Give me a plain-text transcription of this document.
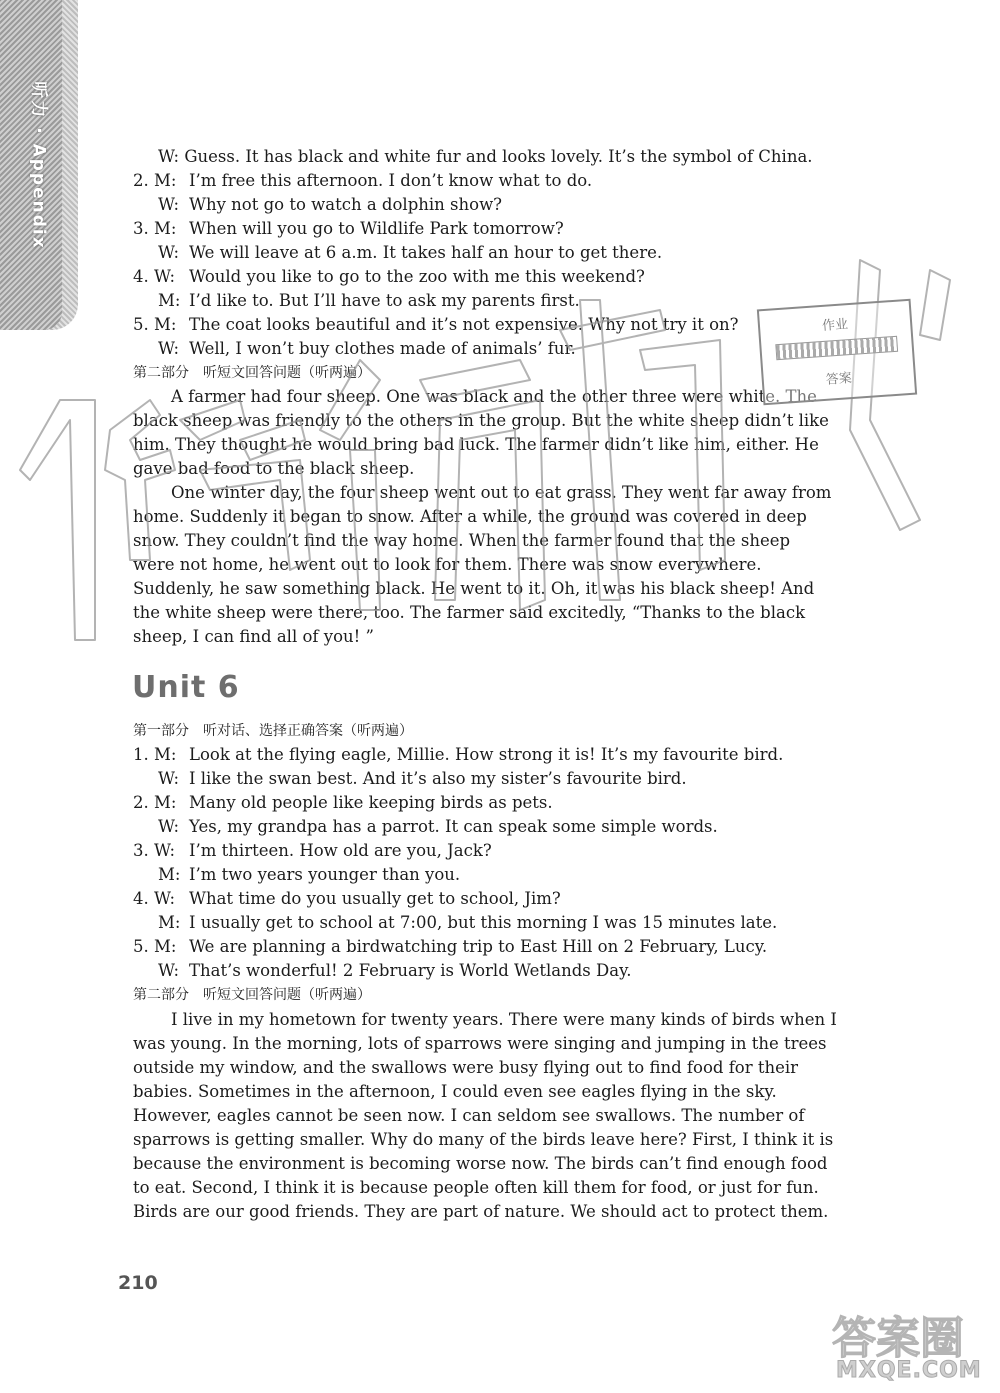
听力 · Appendix	W: Guess. It has black and white fur and looks lovely. It’s the symbol of China.
2. M: I’m free this afternoon. I don’t know what to do.
W: Why not go to watch a dolphin show?
3. M: When will you go to Wildlife Park tomorrow?
W: We will leave at 6 a.m. It takes half an hour to get there.
4. W: Would you like to go to the zoo with me this weekend?
M: I’d like to. But I’ll have to ask my parents first.
5. M: The coat looks beautiful and it’s not expensive. Why not try it on?
W: Well, I won’t buy clothes made of animals’ fur.
第二部分　听短文回答问题（听两遍）
A farmer had four sheep. One was black and the other three were white. The
black sheep was friendly to the others in the group. But the white sheep didn’t like
him. They thought he would bring bad luck. The farmer didn’t like him, either. He
gave bad food to the black sheep.
One winter day, the four sheep went out to eat grass. They went far away from
home. Suddenly it began to snow. After a while, the ground was covered in deep
snow. They couldn’t find the way home. When the farmer found that the sheep
were not home, he went out to look for them. There was snow everywhere.
Suddenly, he saw something black. He went to it. Oh, it was his black sheep! And
the white sheep were there, too. The farmer said excitedly, “Thanks to the black
sheep, I can find all of you! ”
Unit 6
第一部分　听对话、选择正确答案（听两遍）
1. M: Look at the flying eagle, Millie. How strong it is! It’s my favourite bird.
W: I like the swan best. And it’s also my sister’s favourite bird.
2. M: Many old people like keeping birds as pets.
W: Yes, my grandpa has a parrot. It can speak some simple words.
3. W: I’m thirteen. How old are you, Jack?
M: I’m two years younger than you.
4. W: What time do you usually get to school, Jim?
M: I usually get to school at 7:00, but this morning I was 15 minutes late.
5. M: We are planning a birdwatching trip to East Hill on 2 February, Lucy.
W: That’s wonderful! 2 February is World Wetlands Day.
第二部分　听短文回答问题（听两遍）
I live in my hometown for twenty years. There were many kinds of birds when I
was young. In the morning, lots of sparrows were singing and jumping in the trees
outside my window, and the swallows were busy flying out to find food for their
babies. Sometimes in the afternoon, I could even see eagles flying in the sky.
However, eagles cannot be seen now. I can seldom see swallows. The number of
sparrows is getting smaller. Why do many of the birds leave here? First, I think it is
because the environment is becoming worse now. The birds can’t find enough food
to eat. Second, I think it is because people often kill them for food, or just for fun.
Birds are our good friends. They are part of nature. We should act to protect them.
210
作业
答案
答案圈
MXQE.COM
